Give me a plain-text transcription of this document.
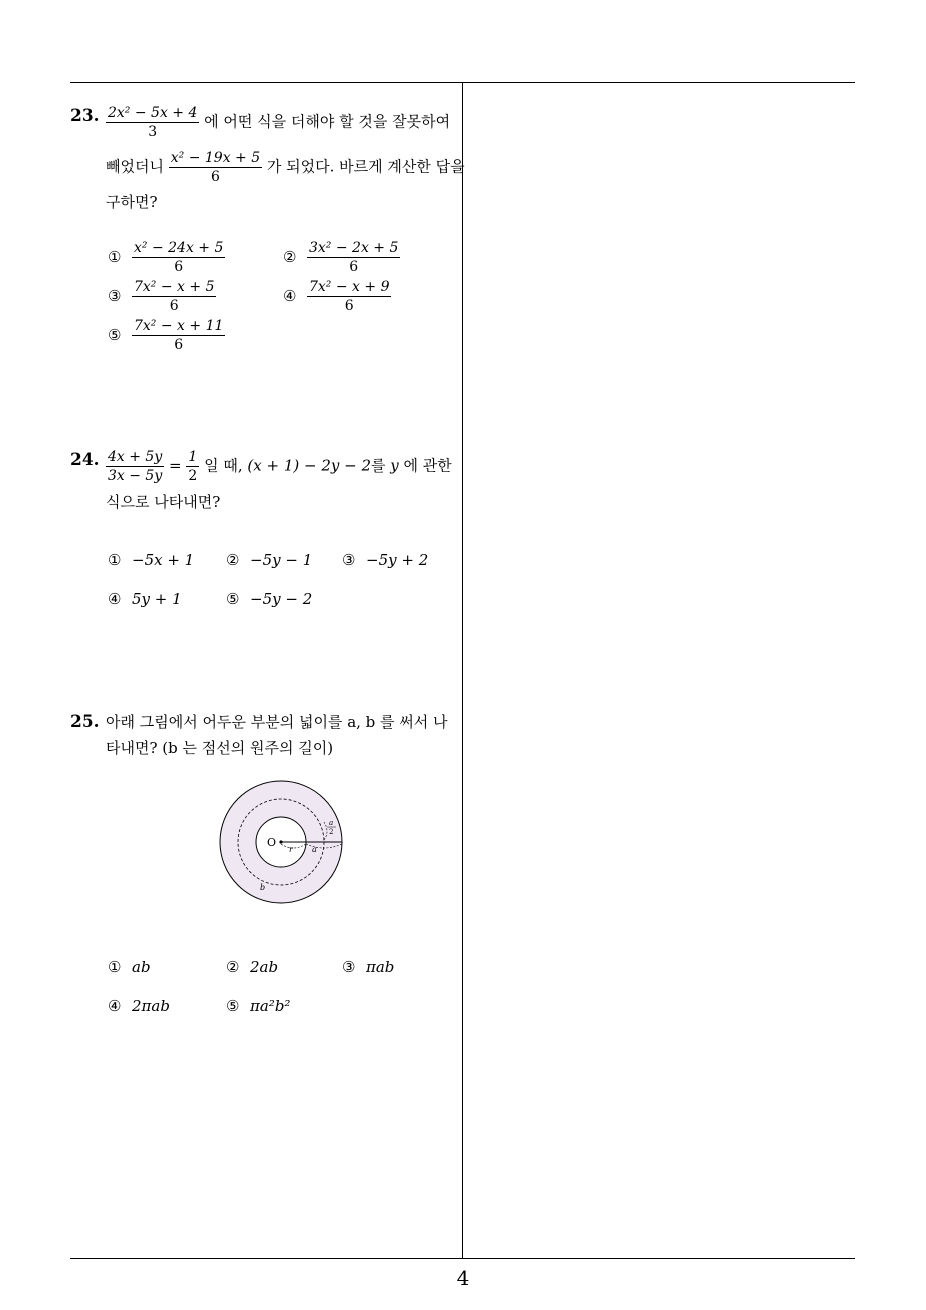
23. $\frac{\text{2x² − 5x + 4}}{3}$ 에 어떤 식을 더해야 할 것을 잘못하여
빼었더니 $\frac{\text{x² − 19x + 5}}{6}$ 가 되었다. 바르게 계산한 답을
구하면?
① $\frac{\text{x² − 24x + 5}}{6}$	② $\frac{\text{3x² − 2x + 5}}{6}$
③ $\frac{\text{7x² − x + 5}}{6}$	④ $\frac{\text{7x² − x + 9}}{6}$
⑤ $\frac{\text{7x² − x + 11}}{6}$
24. $\frac{4x + 5y}{3x - 5y} = \frac{1}{2}$ 일 때, (x + 1) − 2y − 2를 y 에 관한
식으로 나타내면?
① −5x + 1 ② −5y − 1 ③ −5y + 2
④ 5y + 1	⑤ −5y − 2
25. 아래 그림에서 어두운 부분의 넓이를 a, b 를 써서 나
타내면? (b 는 점선의 원주의 길이)
O
r a
a
2
b
① ab	② 2ab	③ πab
④ 2πab	⑤ πa²b²
4
